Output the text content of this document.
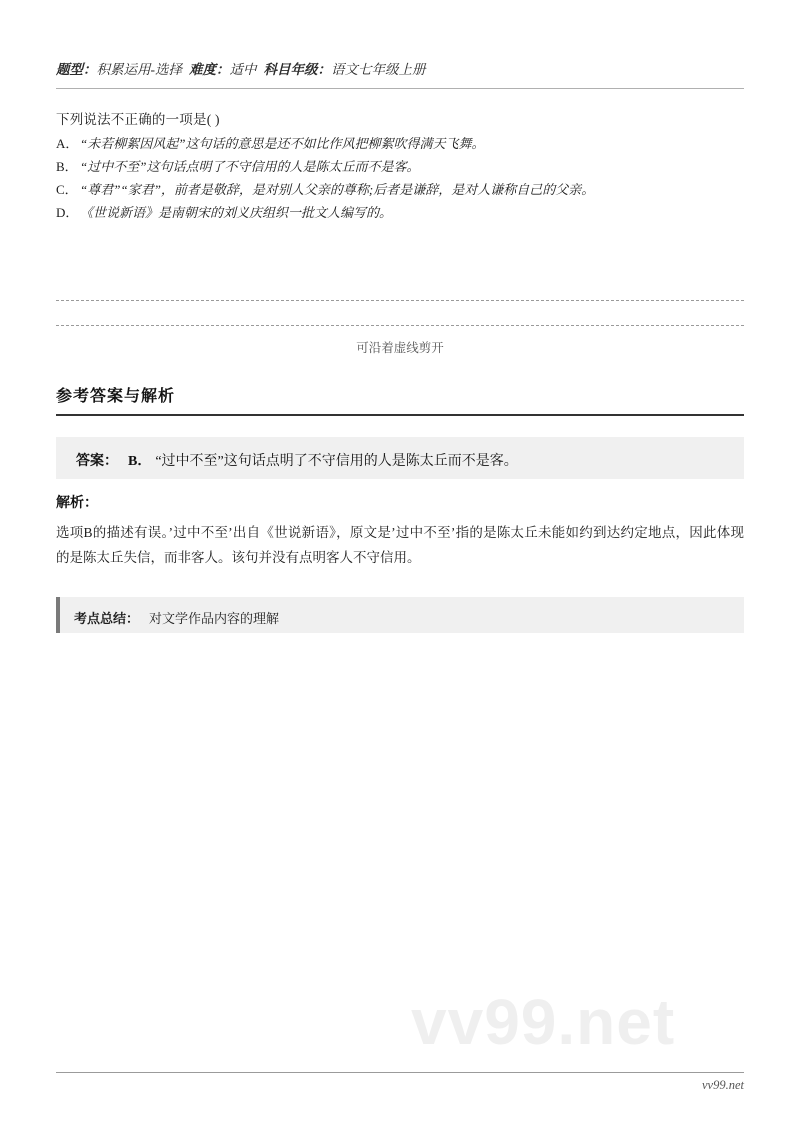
题型：积累运用-选择 难度：适中 科目年级：语文七年级上册
下列说法不正确的一项是( )
A． “未若柳絮因风起”这句话的意思是还不如比作风把柳絮吹得满天飞舞。
B． “过中不至”这句话点明了不守信用的人是陈太丘而不是客。
C． “尊君”“家君”，前者是敬辞，是对别人父亲的尊称;后者是谦辞，是对人谦称自己的父亲。
D． 《世说新语》是南朝宋的刘义庆组织一批文人编写的。
可沿着虚线剪开
参考答案与解析
答案： B． “过中不至”这句话点明了不守信用的人是陈太丘而不是客。
解析：
选项B的描述有误。’过中不至’出自《世说新语》，原文是’过中不至’指的是陈太丘未能如约到达约定地点，因此体现的是陈太丘失信，而非客人。该句并没有点明客人不守信用。
考点总结： 对文学作品内容的理解
vv99.net
vv99.net
